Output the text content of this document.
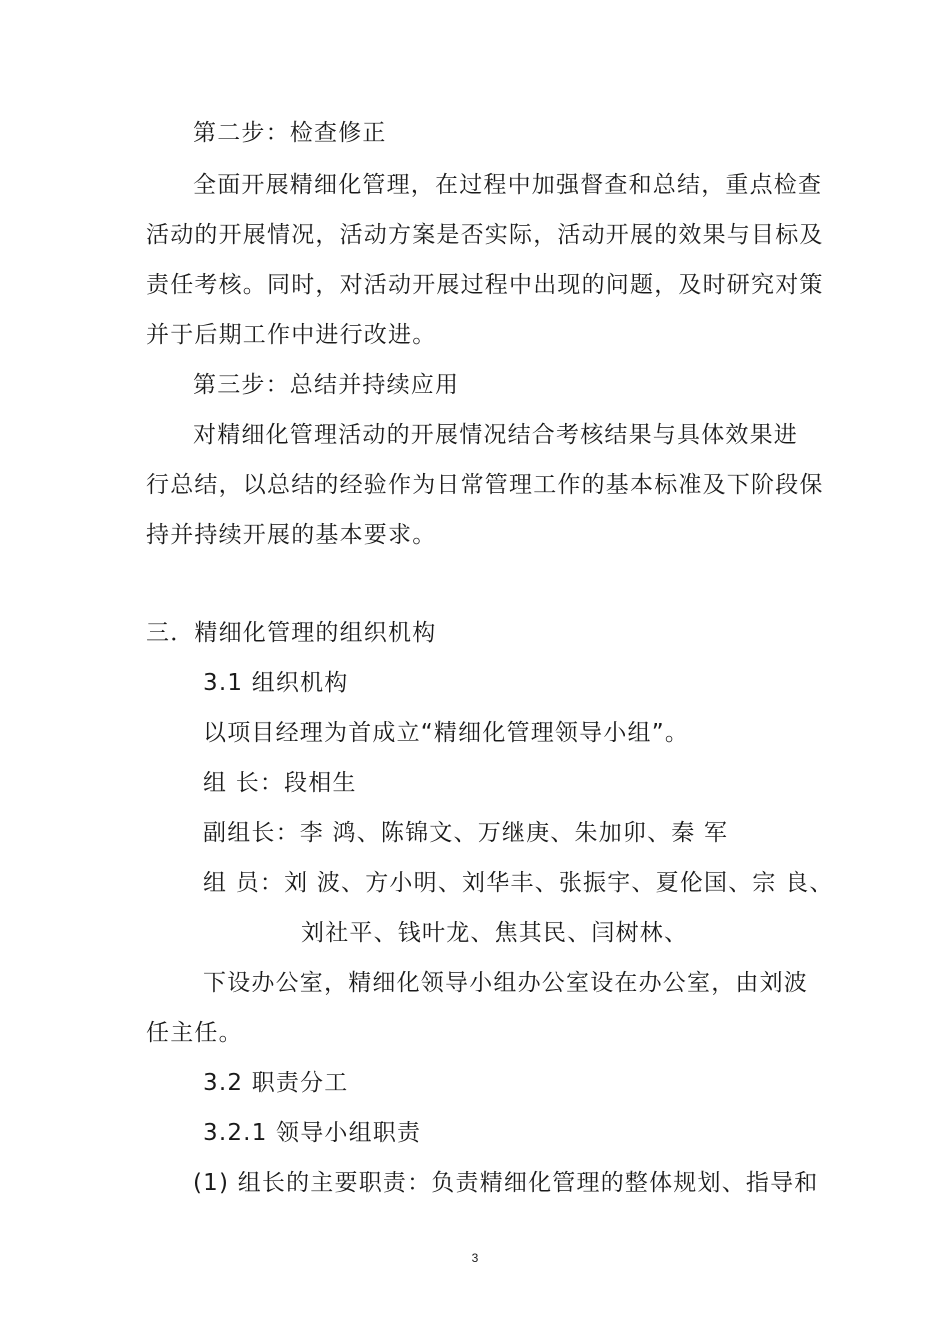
第二步：检查修正
全面开展精细化管理，在过程中加强督查和总结，重点检查
活动的开展情况，活动方案是否实际，活动开展的效果与目标及
责任考核。同时，对活动开展过程中出现的问题，及时研究对策
并于后期工作中进行改进。
第三步：总结并持续应用
对精细化管理活动的开展情况结合考核结果与具体效果进
行总结，以总结的经验作为日常管理工作的基本标准及下阶段保
持并持续开展的基本要求。
三．精细化管理的组织机构
3.1 组织机构
以项目经理为首成立“精细化管理领导小组”。
组 长：段相生
副组长：李 鸿、陈锦文、万继庚、朱加卯、秦 军
组 员：刘 波、方小明、刘华丰、张振宇、夏伦国、宗 良、
刘社平、钱叶龙、焦其民、闫树林、
下设办公室，精细化领导小组办公室设在办公室，由刘波
任主任。
3.2 职责分工
3.2.1 领导小组职责
(1) 组长的主要职责：负责精细化管理的整体规划、指导和
3
